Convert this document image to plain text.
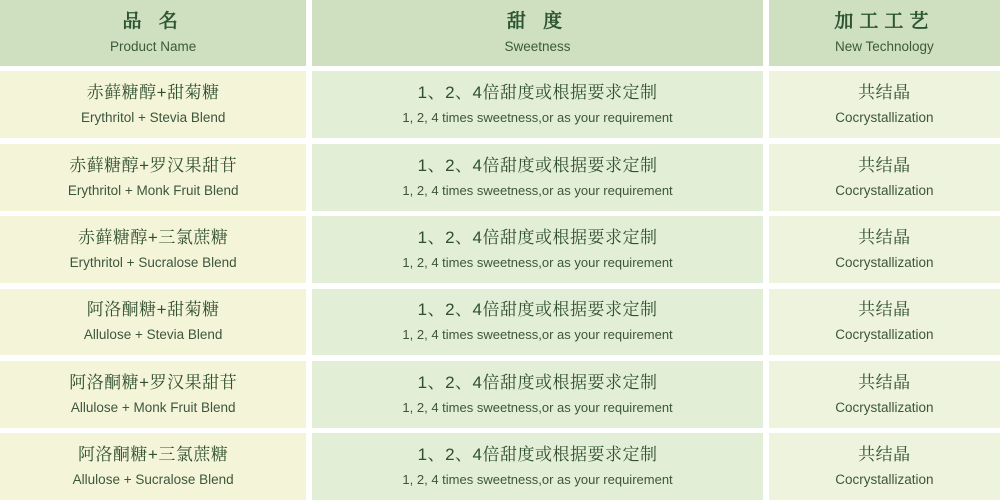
品 名
Product Name
甜 度
Sweetness
加工工艺
New Technology
赤藓糖醇+甜菊糖
Erythritol + Stevia Blend
1、2、4倍甜度或根据要求定制
1, 2, 4 times sweetness,or as your requirement
共结晶
Cocrystallization
赤藓糖醇+罗汉果甜苷
Erythritol + Monk Fruit Blend
1、2、4倍甜度或根据要求定制
1, 2, 4 times sweetness,or as your requirement
共结晶
Cocrystallization
赤藓糖醇+三氯蔗糖
Erythritol + Sucralose Blend
1、2、4倍甜度或根据要求定制
1, 2, 4 times sweetness,or as your requirement
共结晶
Cocrystallization
阿洛酮糖+甜菊糖
Allulose + Stevia Blend
1、2、4倍甜度或根据要求定制
1, 2, 4 times sweetness,or as your requirement
共结晶
Cocrystallization
阿洛酮糖+罗汉果甜苷
Allulose + Monk Fruit Blend
1、2、4倍甜度或根据要求定制
1, 2, 4 times sweetness,or as your requirement
共结晶
Cocrystallization
阿洛酮糖+三氯蔗糖
Allulose + Sucralose Blend
1、2、4倍甜度或根据要求定制
1, 2, 4 times sweetness,or as your requirement
共结晶
Cocrystallization
